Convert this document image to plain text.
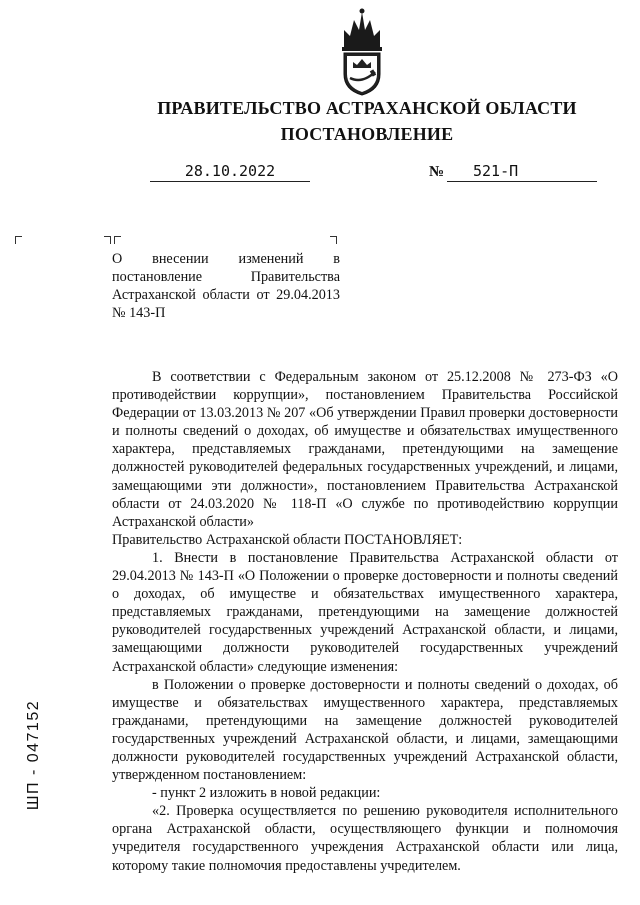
ПРАВИТЕЛЬСТВО АСТРАХАНСКОЙ ОБЛАСТИ
ПОСТАНОВЛЕНИЕ
28.10.2022	№	521-П
О внесении изменений в постановление Правительства Астраханской области от 29.04.2013 № 143-П

В соответствии с Федеральным законом от 25.12.2008 № 273-ФЗ «О противодействии коррупции», постановлением Правительства Российской Федерации от 13.03.2013 № 207 «Об утверждении Правил проверки достоверности и полноты сведений о доходах, об имуществе и обязательствах имущественного характера, представляемых гражданами, претендующими на замещение должностей руководителей федеральных государственных учреждений, и лицами, замещающими эти должности», постановлением Правительства Астраханской области от 24.03.2020 № 118-П «О службе по противодействию коррупции Астраханской области»

Правительство Астраханской области ПОСТАНОВЛЯЕТ:

1. Внести в постановление Правительства Астраханской области от 29.04.2013 № 143-П «О Положении о проверке достоверности и полноты сведений о доходах, об имуществе и обязательствах имущественного характера, представляемых гражданами, претендующими на замещение должностей руководителей государственных учреждений Астраханской области, и лицами, замещающими должности руководителей государственных учреждений Астраханской области» следующие изменения:

в Положении о проверке достоверности и полноты сведений о доходах, об имуществе и обязательствах имущественного характера, представляемых гражданами, претендующими на замещение должностей руководителей государственных учреждений Астраханской области, и лицами, замещающими должности руководителей государственных учреждений Астраханской области, утвержденном постановлением:

- пункт 2 изложить в новой редакции:

«2. Проверка осуществляется по решению руководителя исполнительного органа Астраханской области, осуществляющего функции и полномочия учредителя государственного учреждения Астраханской области или лица, которому такие полномочия предоставлены учредителем.

ШП - 047152
